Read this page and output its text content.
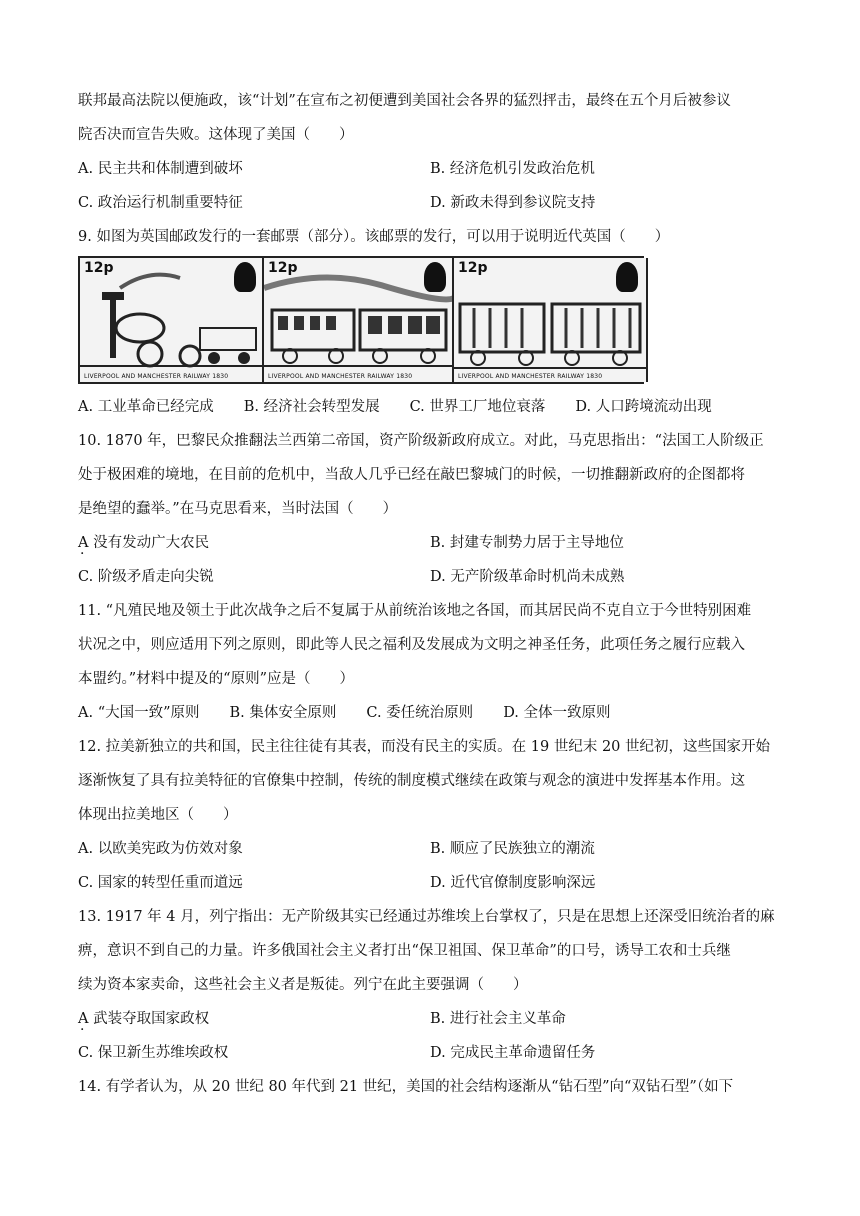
联邦最高法院以便施政，该“计划”在宣布之初便遭到美国社会各界的猛烈抨击，最终在五个月后被参议

院否决而宣告失败。这体现了美国（　　）

A. 民主共和体制遭到破坏	B. 经济危机引发政治危机
C. 政治运行机制重要特征	D. 新政未得到参议院支持

9. 如图为英国邮政发行的一套邮票（部分）。该邮票的发行，可以用于说明近代英国（　　）

12p
LIVERPOOL AND MANCHESTER RAILWAY 1830
12p
LIVERPOOL AND MANCHESTER RAILWAY 1830
12p
LIVERPOOL AND MANCHESTER RAILWAY 1830
A. 工业革命已经完成 B. 经济社会转型发展 C. 世界工厂地位衰落 D. 人口跨境流动出现

10. 1870 年，巴黎民众推翻法兰西第二帝国，资产阶级新政府成立。对此，马克思指出：“法国工人阶级正

处于极困难的境地，在目前的危机中，当敌人几乎已经在敲巴黎城门的时候，一切推翻新政府的企图都将

是绝望的蠢举。”在马克思看来，当时法国（　　）

A 没有发动广大农民 ·	B. 封建专制势力居于主导地位
C. 阶级矛盾走向尖锐	D. 无产阶级革命时机尚未成熟

11. “凡殖民地及领土于此次战争之后不复属于从前统治该地之各国，而其居民尚不克自立于今世特别困难

状况之中，则应适用下列之原则，即此等人民之福利及发展成为文明之神圣任务，此项任务之履行应载入

本盟约。”材料中提及的“原则”应是（　　）

A. “大国一致”原则 B. 集体安全原则 C. 委任统治原则 D. 全体一致原则

12. 拉美新独立的共和国，民主往往徒有其表，而没有民主的实质。在 19 世纪末 20 世纪初，这些国家开始

逐渐恢复了具有拉美特征的官僚集中控制，传统的制度模式继续在政策与观念的演进中发挥基本作用。这

体现出拉美地区（　　）

A. 以欧美宪政为仿效对象	B. 顺应了民族独立的潮流
C. 国家的转型任重而道远	D. 近代官僚制度影响深远

13. 1917 年 4 月，列宁指出：无产阶级其实已经通过苏维埃上台掌权了，只是在思想上还深受旧统治者的麻

痹，意识不到自己的力量。许多俄国社会主义者打出“保卫祖国、保卫革命”的口号，诱导工农和士兵继

续为资本家卖命，这些社会主义者是叛徒。列宁在此主要强调（　　）

A 武装夺取国家政权 ·	B. 进行社会主义革命
C. 保卫新生苏维埃政权	D. 完成民主革命遗留任务

14. 有学者认为，从 20 世纪 80 年代到 21 世纪，美国的社会结构逐渐从“钻石型”向“双钻石型”（如下
